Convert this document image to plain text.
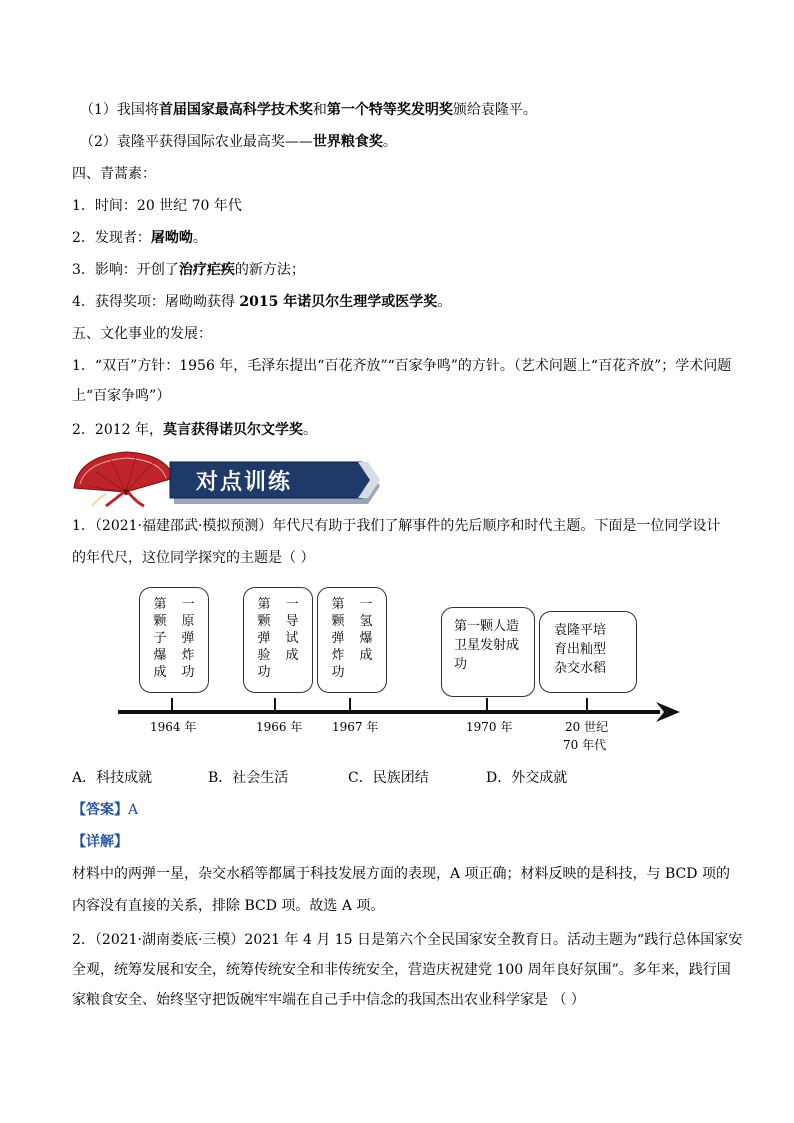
（1）我国将首届国家最高科学技术奖和第一个特等奖发明奖颁给袁隆平。
（2）袁隆平获得国际农业最高奖——世界粮食奖。
四、青蒿素：
1．时间：20 世纪 70 年代
2．发现者：屠呦呦。
3．影响：开创了治疗疟疾的新方法；
4．获得奖项：屠呦呦获得 2015 年诺贝尔生理学或医学奖。
五、文化事业的发展：
1．“双百”方针：1956 年，毛泽东提出“百花齐放”“百家争鸣”的方针。（艺术问题上“百花齐放”；学术问题
上“百家争鸣”）
2．2012 年，莫言获得诺贝尔文学奖。
对点训练
1．（2021·福建邵武·模拟预测）年代尺有助于我们了解事件的先后顺序和时代主题。下面是一位同学设计
的年代尺，这位同学探究的主题是（ ）
第颗子爆成
一原弹炸功
第颗弹验功
一导试成
第颗弹炸功
一氢爆成
第一颗人造
卫星发射成
功
袁隆平培
育出籼型
杂交水稻
1964 年	1966 年 1967 年	1970 年	20 世纪
70 年代
A．科技成就	B．社会生活	C．民族团结	D．外交成就
【答案】A
【详解】
材料中的两弹一星，杂交水稻等都属于科技发展方面的表现，A 项正确；材料反映的是科技，与 BCD 项的
内容没有直接的关系，排除 BCD 项。故选 A 项。
2．（2021·湖南娄底·三模）2021 年 4 月 15 日是第六个全民国家安全教育日。活动主题为“践行总体国家安
全观，统筹发展和安全，统筹传统安全和非传统安全，营造庆祝建党 100 周年良好氛围”。多年来，践行国
家粮食安全、始终坚守把饭碗牢牢端在自己手中信念的我国杰出农业科学家是 （ ）
